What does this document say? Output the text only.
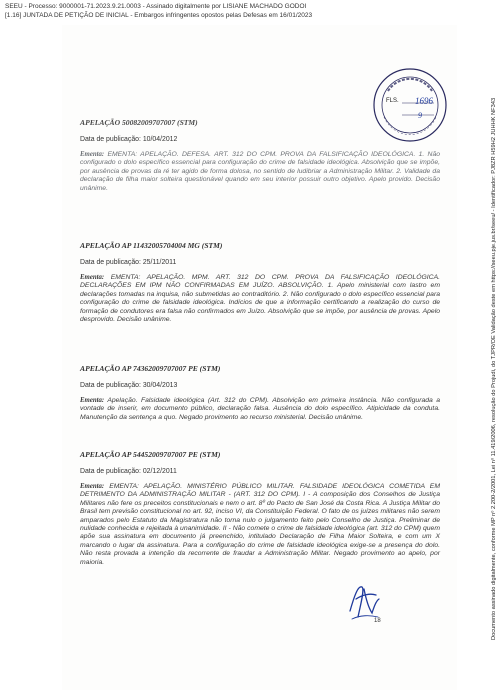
SEEU - Processo: 9000001-71.2023.9.21.0003 - Assinado digitalmente por LISIANE MACHADO GODOI
[1.16] JUNTADA DE PETIÇÃO DE INICIAL - Embargos infringentes opostos pelas Defesas em 16/01/2023
Documento assinado digitalmente, conforme MP nº 2.200-2/2001, Lei nº 11.419/2006, resolução do Projudi, do TJPR/OE Validação deste em https://seeu.pje.jus.br/seeu/ - Identificador: PJ8ZR H59H2 JUHHK NF343
FLS. 1696
9
APELAÇÃO 50082009707007 (STM)
Data de publicação: 10/04/2012
Ementa: EMENTA: APELAÇÃO. DEFESA. ART. 312 DO CPM. PROVA DA FALSIFICAÇÃO IDEOLÓGICA. 1. Não configurado o dolo específico essencial para configuração do crime de falsidade ideológica. Absolvição que se impõe, por ausência de provas da ré ter agido de forma dolosa, no sentido de ludibriar a Administração Militar. 2. Validade da declaração de filha maior solteira questionável quando em seu interior possuir outro objetivo. Apelo provido. Decisão unânime.
APELAÇÃO AP 11432005704004 MG (STM)
Data de publicação: 25/11/2011
Ementa: EMENTA: APELAÇÃO. MPM. ART. 312 DO CPM. PROVA DA FALSIFICAÇÃO IDEOLÓGICA. DECLARAÇÕES EM IPM NÃO CONFIRMADAS EM JUÍZO. ABSOLVIÇÃO. 1. Apelo ministerial com lastro em declarações tomadas na inquisa, não submetidas ao contraditório. 2. Não configurado o dolo específico essencial para configuração do crime de falsidade ideológica. Indícios de que a informação certificando a realização do curso de formação de condutores era falsa não confirmados em Juízo. Absolvição que se impõe, por ausência de provas. Apelo desprovido. Decisão unânime.
APELAÇÃO AP 74362009707007 PE (STM)
Data de publicação: 30/04/2013
Ementa: Apelação. Falsidade ideológica (Art. 312 do CPM). Absolvição em primeira instância. Não configurada a vontade de inserir, em documento público, declaração falsa. Ausência do dolo específico. Atipicidade da conduta. Manutenção da sentença a quo. Negado provimento ao recurso ministerial. Decisão unânime.
APELAÇÃO AP 54452009707007 PE (STM)
Data de publicação: 02/12/2011
Ementa: EMENTA: APELAÇÃO. MINISTÉRIO PÚBLICO MILITAR. FALSIDADE IDEOLÓGICA COMETIDA EM DETRIMENTO DA ADMINISTRAÇÃO MILITAR - (ART. 312 DO CPM). I - A composição dos Conselhos de Justiça Militares não fere os preceitos constitucionais e nem o art. 8º do Pacto de San José da Costa Rica. A Justiça Militar do Brasil tem previsão constitucional no art. 92, inciso VI, da Constituição Federal. O fato de os juízes militares não serem amparados pelo Estatuto da Magistratura não torna nulo o julgamento feito pelo Conselho de Justiça. Preliminar de nulidade conhecida e rejeitada à unanimidade. II - Não comete o crime de falsidade ideológica (art. 312 do CPM) quem apõe sua assinatura em documento já preenchido, intitulado Declaração de Filha Maior Solteira, e com um X marcando o lugar da assinatura. Para a configuração do crime de falsidade ideológica exige-se a presença do dolo. Não resta provada a intenção da recorrente de fraudar a Administração Militar. Negado provimento ao apelo, por maioria.
18
